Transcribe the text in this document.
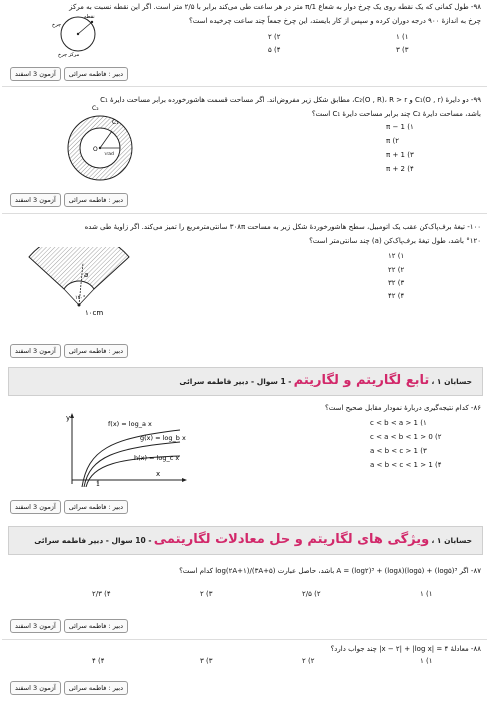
۹۸- طول کمانی که یک نقطه روی یک چرخ دوار به شعاع 1/π متر در هر ساعت طی می‌کند برابر با ۲/۵ متر است. اگر این نقطه نسبت به مرکز
چرخ به اندازهٔ ۹۰۰ درجه دوران کرده و سپس از کار بایستد، این چرخ جمعاً چند ساعت چرخیده است؟
نقطه
چرخ
مرکز چرخ
۱) ۱
۲) ۲
۳) ۳
۴) ۵
آزمون 3 اسفند	دبیر : فاطمه سرائی
۹۹- دو دایرهٔ C₁(O , r) و C₂(O , R)، R > r، مطابق شکل زیر مفروض‌اند. اگر مساحت قسمت هاشورخورده برابر مساحت دایرهٔ C₁
باشد، مساحت دایرهٔ C₂ چند برابر مساحت دایرهٔ C₁ است؟
C₂
C₁
O
۱rad
۱) π − 1
۲) π
۳) π + 1
۴) π + 2
آزمون 3 اسفند	دبیر : فاطمه سرائی
۱۰۰- تیغهٔ برف‌پاک‌کن عقب یک اتومبیل، سطح هاشورخوردهٔ شکل زیر به مساحت ۳۰۸π سانتی‌مترمربع را تمیز می‌کند. اگر زاویهٔ طی شده
°۱۲۰ باشد، طول تیغهٔ برف‌پاک‌کن (a) چند سانتی‌متر است؟
a
۱۲۰°
۱۰cm
۱) ۱۲
۲) ۲۲
۳) ۳۲
۴) ۴۲
آزمون 3 اسفند	دبیر : فاطمه سرائی
حسابان ۱ ، تابع لگاریتم و لگاریتم - 1 سوال - دبیر فاطمه سرائی
۸۶- کدام نتیجه‌گیری دربارهٔ نمودار مقابل صحیح است؟
y
x
1
f(x) = log_a x
g(x) = log_b x
h(x) = log_c x
۱) 1 < c < b < a
۲) 0 < c < a < b < 1
۳) 1 < a < b < c
۴) 1 < a < b < c < 1
آزمون 3 اسفند	دبیر : فاطمه سرائی
حسابان ۱ ، ویژگی های لگاریتم و حل معادلات لگاریتمی - 10 سوال - دبیر فاطمه سرائی
۸۷- اگر A = (log۲)³ + (log۸)(log۵) + (log۵)³ باشد، حاصل عبارت log(۲A+۱)/(۳A+۵) کدام است؟
۱) ۱
۲) ۲/۵
۳) ۲
۴) ۲/۳
آزمون 3 اسفند	دبیر : فاطمه سرائی
۸۸- معادلهٔ ۴ = |x − ۲| + |log x| چند جواب دارد؟
۱) ۱
۲) ۲
۳) ۳
۴) ۴
آزمون 3 اسفند	دبیر : فاطمه سرائی
